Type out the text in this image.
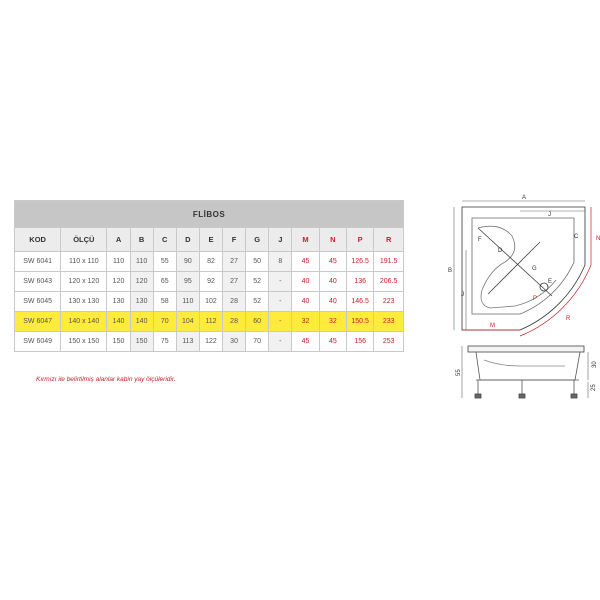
FLİBOS													
KOD	ÖLÇÜ	A	B	C	D	E	F	G	J	M	N	P	R
SW 6041	110 x 110	110	110	55	90	82	27	50	8	45	45	126.5	191.5
SW 6043	120 x 120	120	120	65	95	92	27	52	-	40	40	136	206.5
SW 6045	130 x 130	130	130	58	110	102	28	52	-	40	40	146.5	223
SW 6047	140 x 140	140	140	70	104	112	28	60	-	32	32	150.5	233
SW 6049	150 x 150	150	150	75	113	122	30	70	-	45	45	156	253
Kırmızı ile belirtilmiş alanlar kabin yay ölçüleridir.
A
J
B
J
F
D
G
E
C	N
M
R
P
55
30
25
